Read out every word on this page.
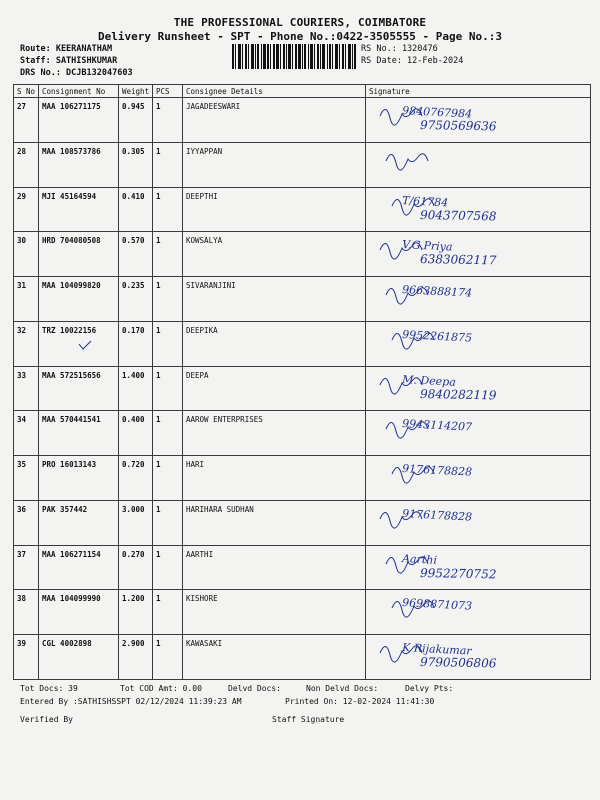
THE PROFESSIONAL COURIERS, COIMBATORE
Delivery Runsheet - SPT - Phone No.:0422-3505555 - Page No.:3
Route: KEERANATHAM
Staff: SATHISHKUMAR
DRS No.: DCJB132047603
RS No.: 1320476
RS Date: 12-Feb-2024
S No	Consignment No	Weight	PCS	Consignee Details	Signature
27	MAA 106271175	0.945	1	JAGADEESWARI	9840767984
9750569636

28	MAA 108573786	0.305	1	IYYAPPAN	

29	MJI 45164594	0.410	1	DEEPTHI	T/61784
9043707568

30	HRD 704080508	0.570	1	KOWSALYA	V.G.Priya
6383062117

31	MAA 104099820	0.235	1	SIVARANJINI	9663888174

32	TRZ 10022156	0.170	1	DEEPIKA	9952261875

33	MAA 572515656	1.400	1	DEEPA	M. Deepa
9840282119

34	MAA 570441541	0.400	1	AAROW ENTERPRISES	9943114207

35	PRO 16013143	0.720	1	HARI	9176178828

36	PAK 357442	3.000	1	HARIHARA SUDHAN	9176178828

37	MAA 106271154	0.270	1	AARTHI	Aarthi
9952270752

38	MAA 104099990	1.200	1	KISHORE	9698871073

39	CGL 4002898	2.900	1	KAWASAKI	K Rijakumar
9790506806
Tot Docs: 39	Tot COD Amt: 0.00	Delvd Docs:	Non Delvd Docs:	Delvy Pts:
Entered By :SATHISHSSPT 02/12/2024 11:39:23 AM	Printed On: 12-02-2024 11:41:30
Verified By	Staff Signature
